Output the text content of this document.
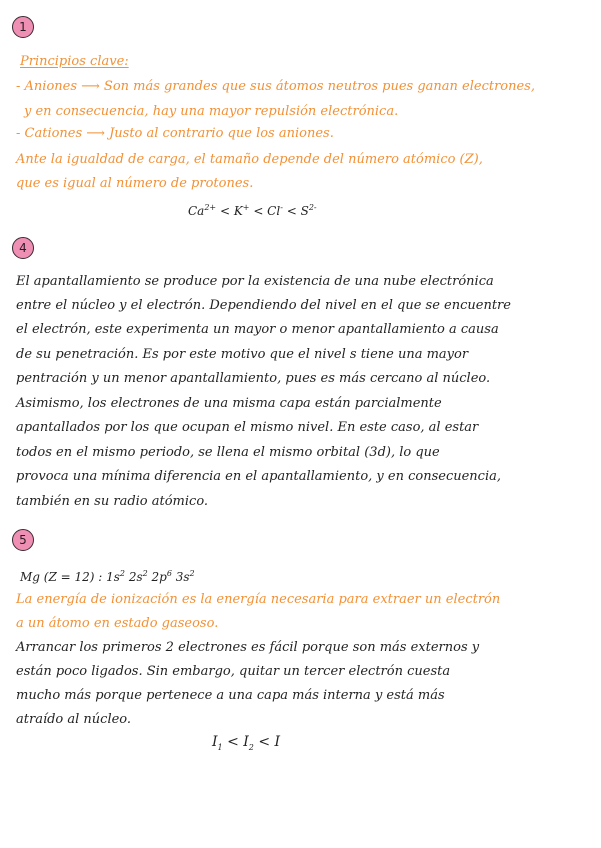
1
Principios clave:
- Aniones ⟶ Son más grandes que sus átomos neutros pues ganan electrones,
y en consecuencia, hay una mayor repulsión electrónica.
- Cationes ⟶ Justo al contrario que los aniones.
Ante la igualdad de carga, el tamaño depende del número atómico (Z),
que es igual al número de protones.
$Ca^{2+} < K^+ < Cl^- < S^{2-}$
4
El apantallamiento se produce por la existencia de una nube electrónica
entre el núcleo y el electrón. Dependiendo del nivel en el que se encuentre
el electrón, este experimenta un mayor o menor apantallamiento a causa
de su penetración. Es por este motivo que el nivel s tiene una mayor
pentración y un menor apantallamiento, pues es más cercano al núcleo.
Asimismo, los electrones de una misma capa están parcialmente
apantallados por los que ocupan el mismo nivel. En este caso, al estar
todos en el mismo periodo, se llena el mismo orbital (3d), lo que
provoca una mínima diferencia en el apantallamiento, y en consecuencia,
también en su radio atómico.
5
Mg (Z = 12) : $1s^2$ $2s^2$ $2p^6$ $3s^2$
La energía de ionización es la energía necesaria para extraer un electrón
a un átomo en estado gaseoso.
Arrancar los primeros 2 electrones es fácil porque son más externos y
están poco ligados. Sin embargo, quitar un tercer electrón cuesta
mucho más porque pertenece a una capa más interna y está más
atraído al núcleo.
$I_1 < I_2 < I$
